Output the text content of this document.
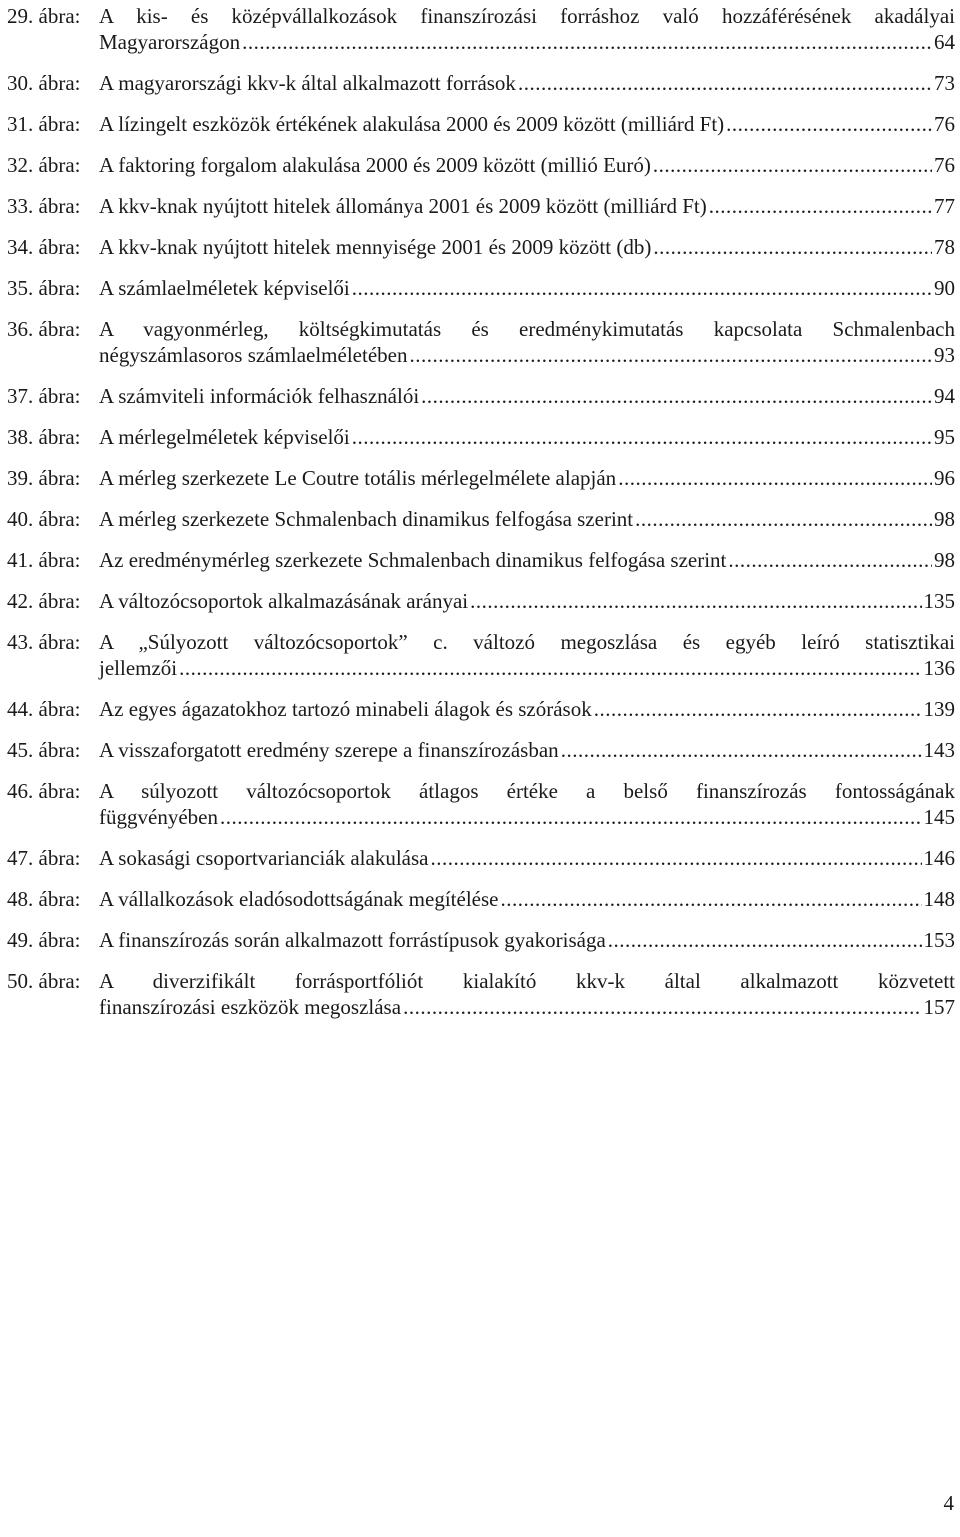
29. ábra: A kis- és középvállalkozások finanszírozási forráshoz való hozzáférésének akadályai
Magyarországon .....	64
30. ábra: A magyarországi kkv-k által alkalmazott források .....	73
31. ábra: A lízingelt eszközök értékének alakulása 2000 és 2009 között (milliárd Ft) .....	76
32. ábra: A faktoring forgalom alakulása 2000 és 2009 között (millió Euró) .....	76
33. ábra: A kkv-knak nyújtott hitelek állománya 2001 és 2009 között (milliárd Ft) .....	77
34. ábra: A kkv-knak nyújtott hitelek mennyisége 2001 és 2009 között (db) .....	78
35. ábra: A számlaelméletek képviselői .....	90
36. ábra: A vagyonmérleg, költségkimutatás és eredménykimutatás kapcsolata Schmalenbach
négyszámlasoros számlaelméletében .....	93
37. ábra: A számviteli információk felhasználói .....	94
38. ábra: A mérlegelméletek képviselői .....	95
39. ábra: A mérleg szerkezete Le Coutre totális mérlegelmélete alapján .....	96
40. ábra: A mérleg szerkezete Schmalenbach dinamikus felfogása szerint .....	98
41. ábra: Az eredménymérleg szerkezete Schmalenbach dinamikus felfogása szerint .....	98
42. ábra: A változócsoportok alkalmazásának arányai .....	135
43. ábra: A „Súlyozott változócsoportok” c. változó megoszlása és egyéb leíró statisztikai
jellemzői .....	136
44. ábra: Az egyes ágazatokhoz tartozó minabeli álagok és szórások .....	139
45. ábra: A visszaforgatott eredmény szerepe a finanszírozásban .....	143
46. ábra: A súlyozott változócsoportok átlagos értéke a belső finanszírozás fontosságának
függvényében .....	145
47. ábra: A sokasági csoportvarianciák alakulása .....	146
48. ábra: A vállalkozások eladósodottságának megítélése .....	148
49. ábra: A finanszírozás során alkalmazott forrástípusok gyakorisága .....	153
50. ábra: A diverzifikált forrásportfóliót kialakító kkv-k által alkalmazott közvetett
finanszírozási eszközök megoszlása .....	157
4
